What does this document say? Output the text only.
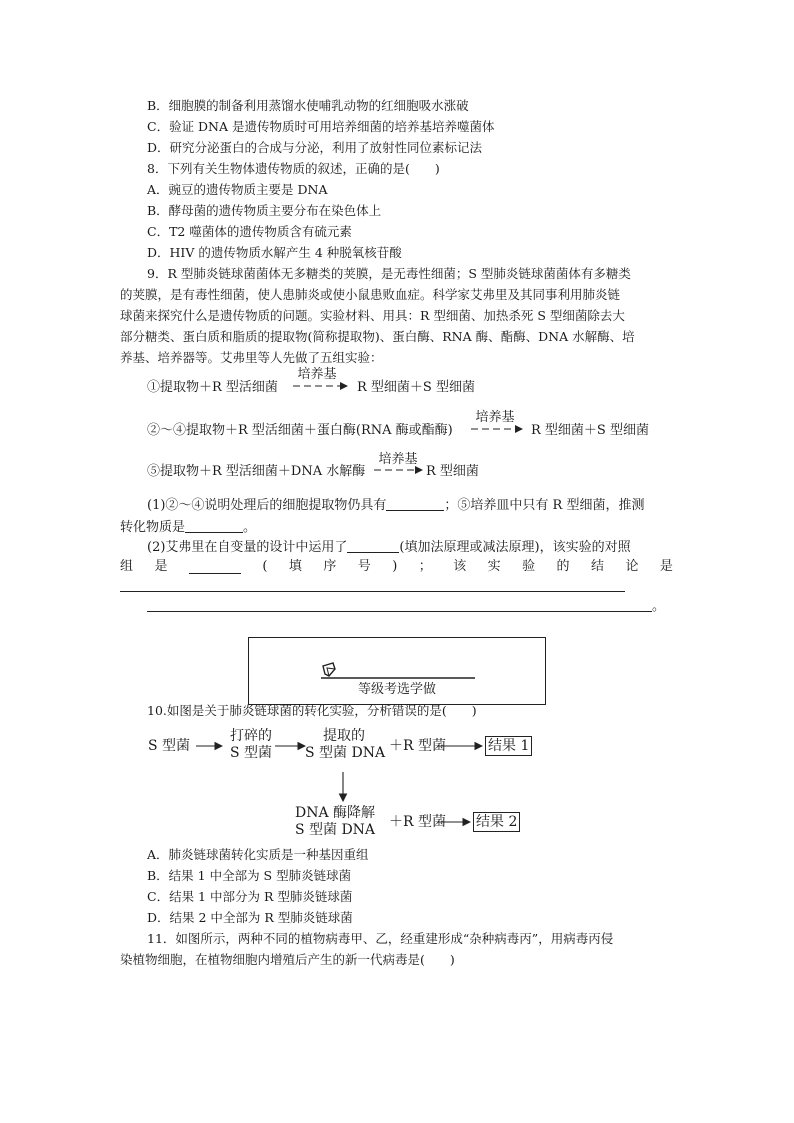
B．细胞膜的制备利用蒸馏水使哺乳动物的红细胞吸水涨破
C．验证 DNA 是遗传物质时可用培养细菌的培养基培养噬菌体
D．研究分泌蛋白的合成与分泌，利用了放射性同位素标记法
8．下列有关生物体遗传物质的叙述，正确的是(　　)
A．豌豆的遗传物质主要是 DNA
B．酵母菌的遗传物质主要分布在染色体上
C．T2 噬菌体的遗传物质含有硫元素
D．HIV 的遗传物质水解产生 4 种脱氧核苷酸
9．R 型肺炎链球菌菌体无多糖类的荚膜，是无毒性细菌；S 型肺炎链球菌菌体有多糖类
的荚膜，是有毒性细菌，使人患肺炎或使小鼠患败血症。科学家艾弗里及其同事利用肺炎链
球菌来探究什么是遗传物质的问题。实验材料、用具：R 型细菌、加热杀死 S 型细菌除去大
部分糖类、蛋白质和脂质的提取物(简称提取物)、蛋白酶、RNA 酶、酯酶、DNA 水解酶、培
养基、培养器等。艾弗里等人先做了五组实验：
①提取物＋R 型活细菌
培养基
R 型细菌＋S 型细菌
②～④提取物＋R 型活细菌＋蛋白酶(RNA 酶或酯酶)
培养基
R 型细菌＋S 型细菌
⑤提取物＋R 型活细菌＋DNA 水解酶
培养基
R 型细菌
(1)②～④说明处理后的细胞提取物仍具有	；⑤培养皿中只有 R 型细菌，推测
转化物质是	。
(2)艾弗里在自变量的设计中运用了	(填加法原理或减法原理)，该实验的对照
组 是	( 填 序 号 ) ； 该 实 验 的 结 论 是
。
等级考选学做
10.如图是关于肺炎链球菌的转化实验，分析错误的是(　　)
S 型菌
打碎的
S 型菌
提取的
S 型菌 DNA ＋R 型菌	结果 1
DNA 酶降解
S 型菌 DNA ＋R 型菌 结果 2
A．肺炎链球菌转化实质是一种基因重组
B．结果 1 中全部为 S 型肺炎链球菌
C．结果 1 中部分为 R 型肺炎链球菌
D．结果 2 中全部为 R 型肺炎链球菌
11．如图所示，两种不同的植物病毒甲、乙，经重建形成“杂种病毒丙”，用病毒丙侵
染植物细胞，在植物细胞内增殖后产生的新一代病毒是(　　)
